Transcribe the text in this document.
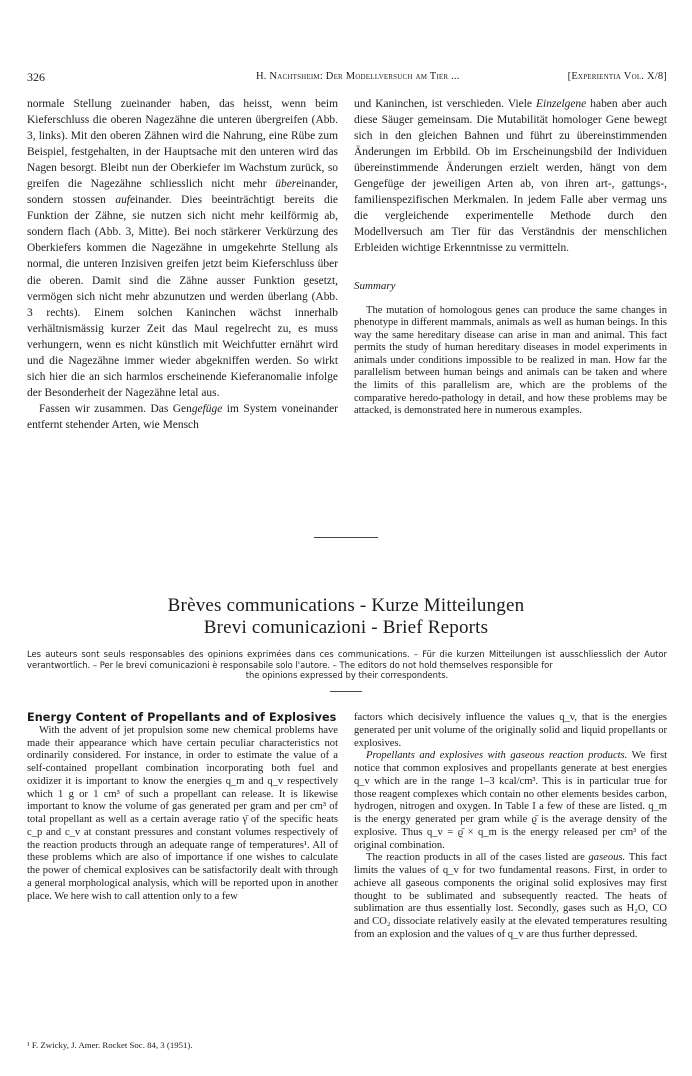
326	H. Nachtsheim: Der Modellversuch am Tier ...	[Experientia Vol. X/8]

normale Stellung zueinander haben, das heisst, wenn beim Kieferschluss die oberen Nagezähne die unteren übergreifen (Abb. 3, links). Mit den oberen Zähnen wird die Nahrung, eine Rübe zum Beispiel, festgehalten, in der Hauptsache mit den unteren wird das Nagen besorgt. Bleibt nun der Oberkiefer im Wachstum zurück, so greifen die Nagezähne schliesslich nicht mehr übereinander, sondern stossen aufeinander. Dies beeinträchtigt bereits die Funktion der Zähne, sie nutzen sich nicht mehr keilförmig ab, sondern flach (Abb. 3, Mitte). Bei noch stärkerer Verkürzung des Oberkiefers kommen die Nagezähne in umgekehrte Stellung als normal, die unteren Inzisiven greifen jetzt beim Kieferschluss über die oberen. Damit sind die Zähne ausser Funktion gesetzt, vermögen sich nicht mehr abzunutzen und werden überlang (Abb. 3 rechts). Einem solchen Kaninchen wächst innerhalb verhältnismässig kurzer Zeit das Maul regelrecht zu, es muss verhungern, wenn es nicht künstlich mit Weichfutter ernährt wird und die Nagezähne immer wieder abgekniffen werden. So wirkt sich hier die an sich harmlos erscheinende Kieferanomalie infolge der Besonderheit der Nagezähne letal aus.

Fassen wir zusammen. Das Gengefüge im System voneinander entfernt stehender Arten, wie Mensch

und Kaninchen, ist verschieden. Viele Einzelgene haben aber auch diese Säuger gemeinsam. Die Mutabilität homologer Gene bewegt sich in den gleichen Bahnen und führt zu übereinstimmenden Änderungen im Erbbild. Ob im Erscheinungsbild der Individuen übereinstimmende Änderungen erzielt werden, hängt von dem Gengefüge der jeweiligen Arten ab, von ihren art-, gattungs-, familienspezifischen Merkmalen. In jedem Falle aber vermag uns die vergleichende experimentelle Methode durch den Modellversuch am Tier für das Verständnis der menschlichen Erbleiden wichtige Erkenntnisse zu vermitteln.

Summary

The mutation of homologous genes can produce the same changes in phenotype in different mammals, animals as well as human beings. In this way the same hereditary disease can arise in man and animal. This fact permits the study of human hereditary diseases in model experiments in animals under conditions impossible to be realized in man. How far the parallelism between human beings and animals can be taken and where the limits of this parallelism are, which are the problems of the comparative heredo-pathology in detail, and how these problems may be attacked, is demonstrated here in numerous examples.

Brèves communications - Kurze Mitteilungen

Brevi comunicazioni - Brief Reports

Les auteurs sont seuls responsables des opinions exprimées dans ces communications. – Für die kurzen Mitteilungen ist ausschliesslich der Autor verantwortlich. – Per le brevi comunicazioni è responsabile solo l'autore. – The editors do not hold themselves responsible for
the opinions expressed by their correspondents.

Energy Content of Propellants and of Explosives

With the advent of jet propulsion some new chemical problems have made their appearance which have certain peculiar characteristics not ordinarily considered. For instance, in order to estimate the value of a self-contained propellant combination incorporating both fuel and oxidizer it is important to know the energies q_m and q_v respectively which 1 g or 1 cm³ of such a propellant can release. It is likewise important to know the volume of gas generated per gram and per cm³ of total propellant as well as a certain average ratio γ̄ of the specific heats c_p and c_v at constant pressures and constant volumes respectively of the reaction products through an adequate range of temperatures¹. All of these problems which are also of importance if one wishes to calculate the power of chemical explosives can be satisfactorily dealt with through a general morphological analysis, which will be reported upon in another place. We here wish to call attention only to a few

¹ F. Zwicky, J. Amer. Rocket Soc. 84, 3 (1951).

factors which decisively influence the values q_v, that is the energies generated per unit volume of the originally solid and liquid propellants or explosives.

Propellants and explosives with gaseous reaction products. We first notice that common explosives and propellants generate at best energies q_v which are in the range 1–3 kcal/cm³. This is in particular true for those reagent complexes which contain no other elements besides carbon, hydrogen, nitrogen and oxygen. In Table I a few of these are listed. q_m is the energy generated per gram while ϱ̄ is the average density of the explosive. Thus q_v = ϱ̄ × q_m is the energy released per cm³ of the original combination.

The reaction products in all of the cases listed are gaseous. This fact limits the values of q_v for two fundamental reasons. First, in order to achieve all gaseous components the original solid explosives may first thought to be sublimated and subsequently reacted. The heats of sublimation are thus essentially lost. Secondly, gases such as H₂O, CO and CO₂ dissociate relatively easily at the elevated temperatures resulting from an explosion and the values of q_v are thus further depressed.
